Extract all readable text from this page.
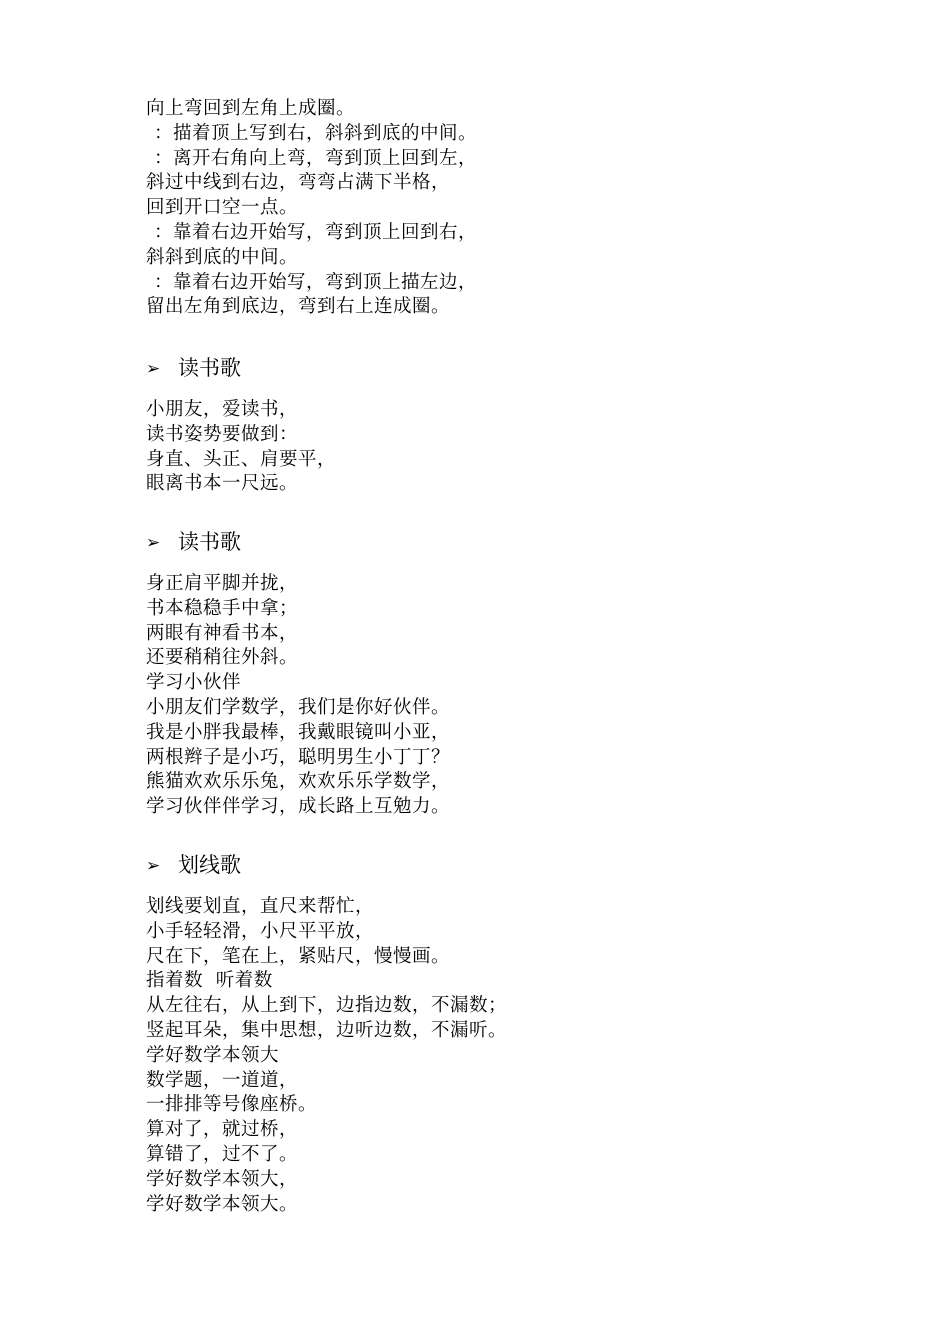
向上弯回到左角上成圈。
：描着顶上写到右，斜斜到底的中间。
：离开右角向上弯，弯到顶上回到左，
斜过中线到右边，弯弯占满下半格，
回到开口空一点。
：靠着右边开始写，弯到顶上回到右，
斜斜到底的中间。
：靠着右边开始写，弯到顶上描左边，
留出左角到底边，弯到右上连成圈。
➢ 读书歌
小朋友，爱读书，
读书姿势要做到：
身直、头正、肩要平，
眼离书本一尺远。
➢ 读书歌
身正肩平脚并拢，
书本稳稳手中拿；
两眼有神看书本，
还要稍稍往外斜。
学习小伙伴
小朋友们学数学，我们是你好伙伴。
我是小胖我最棒，我戴眼镜叫小亚，
两根辫子是小巧，聪明男生小丁丁？
熊猫欢欢乐乐兔，欢欢乐乐学数学，
学习伙伴伴学习，成长路上互勉力。
➢ 划线歌
划线要划直，直尺来帮忙，
小手轻轻滑，小尺平平放，
尺在下，笔在上，紧贴尺，慢慢画。
指着数  听着数
从左往右，从上到下，边指边数，不漏数；
竖起耳朵，集中思想，边听边数，不漏听。
学好数学本领大
数学题，一道道，
一排排等号像座桥。
算对了，就过桥，
算错了，过不了。
学好数学本领大，
学好数学本领大。
